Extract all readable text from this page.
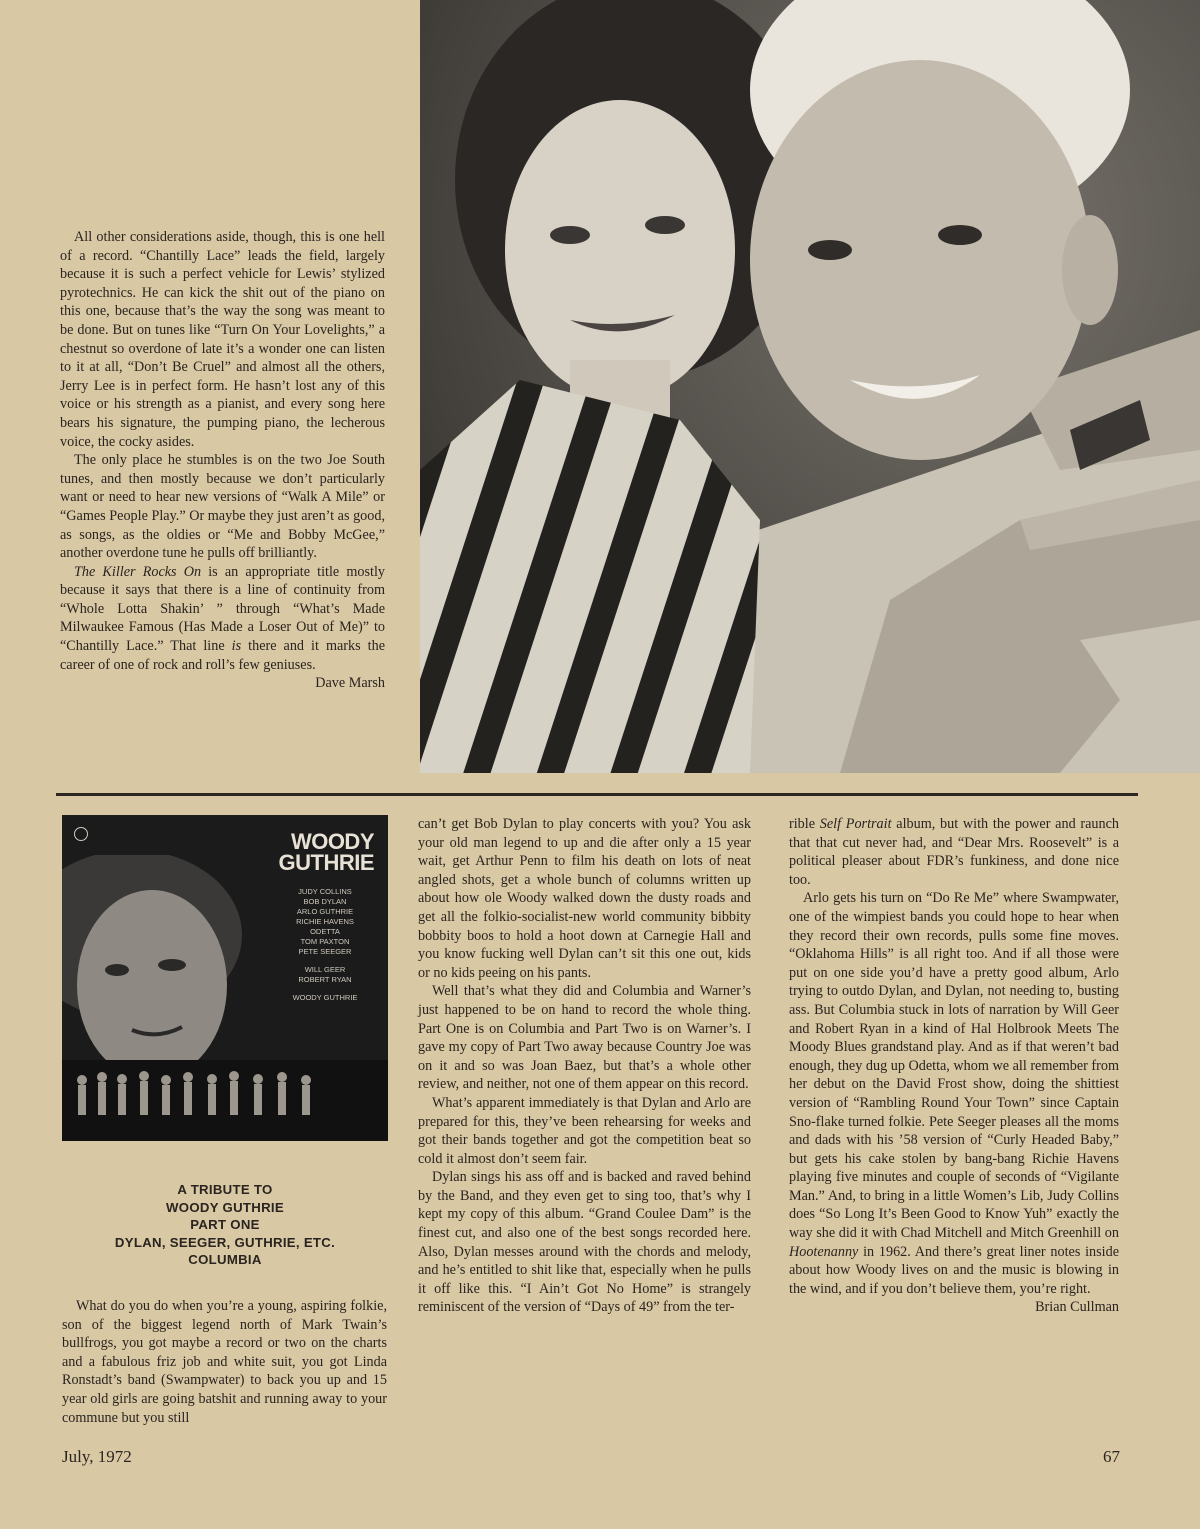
All other considerations aside, though, this is one hell of a record. “Chantilly Lace” leads the field, largely because it is such a perfect vehicle for Lewis’ stylized pyrotechnics. He can kick the shit out of the piano on this one, because that’s the way the song was meant to be done. But on tunes like “Turn On Your Lovelights,” a chestnut so overdone of late it’s a wonder one can listen to it at all, “Don’t Be Cruel” and almost all the others, Jerry Lee is in perfect form. He hasn’t lost any of this voice or his strength as a pianist, and every song here bears his signature, the pumping piano, the lecherous voice, the cocky asides.

The only place he stumbles is on the two Joe South tunes, and then mostly because we don’t particularly want or need to hear new versions of “Walk A Mile” or “Games People Play.” Or maybe they just aren’t as good, as songs, as the oldies or “Me and Bobby McGee,” another overdone tune he pulls off brilliantly.

The Killer Rocks On is an appropriate title mostly because it says that there is a line of continuity from “Whole Lotta Shakin’ ” through “What’s Made Milwaukee Famous (Has Made a Loser Out of Me)” to “Chantilly Lace.” That line is there and it marks the career of one of rock and roll’s few geniuses.

Dave Marsh

WOODY
GUTHRIE
JUDY COLLINS
BOB DYLAN
ARLO GUTHRIE
RICHIE HAVENS
ODETTA
TOM PAXTON
PETE SEEGER
WILL GEER
ROBERT RYAN
WOODY GUTHRIE
A TRIBUTE TO
WOODY GUTHRIE
PART ONE
DYLAN, SEEGER, GUTHRIE, ETC.
COLUMBIA

What do you do when you’re a young, aspiring folkie, son of the biggest legend north of Mark Twain’s bullfrogs, you got maybe a record or two on the charts and a fabulous friz job and white suit, you got Linda Ronstadt’s band (Swampwater) to back you up and 15 year old girls are going batshit and running away to your commune but you still

can’t get Bob Dylan to play concerts with you? You ask your old man legend to up and die after only a 15 year wait, get Arthur Penn to film his death on lots of neat angled shots, get a whole bunch of columns written up about how ole Woody walked down the dusty roads and get all the folkio-socialist-new world community bibbity bobbity boos to hold a hoot down at Carnegie Hall and you know fucking well Dylan can’t sit this one out, kids or no kids peeing on his pants.

Well that’s what they did and Columbia and Warner’s just happened to be on hand to record the whole thing. Part One is on Columbia and Part Two is on Warner’s. I gave my copy of Part Two away because Country Joe was on it and so was Joan Baez, but that’s a whole other review, and neither, not one of them appear on this record.

What’s apparent immediately is that Dylan and Arlo are prepared for this, they’ve been rehearsing for weeks and got their bands together and got the competition beat so cold it almost don’t seem fair.

Dylan sings his ass off and is backed and raved behind by the Band, and they even get to sing too, that’s why I kept my copy of this album. “Grand Coulee Dam” is the finest cut, and also one of the best songs recorded here. Also, Dylan messes around with the chords and melody, and he’s entitled to shit like that, especially when he pulls it off like this. “I Ain’t Got No Home” is strangely reminiscent of the version of “Days of 49” from the ter-

rible Self Portrait album, but with the power and raunch that that cut never had, and “Dear Mrs. Roosevelt” is a political pleaser about FDR’s funkiness, and done nice too.

Arlo gets his turn on “Do Re Me” where Swampwater, one of the wimpiest bands you could hope to hear when they record their own records, pulls some fine moves. “Oklahoma Hills” is all right too. And if all those were put on one side you’d have a pretty good album, Arlo trying to outdo Dylan, and Dylan, not needing to, busting ass. But Columbia stuck in lots of narration by Will Geer and Robert Ryan in a kind of Hal Holbrook Meets The Moody Blues grandstand play. And as if that weren’t bad enough, they dug up Odetta, whom we all remember from her debut on the David Frost show, doing the shittiest version of “Rambling Round Your Town” since Captain Sno-flake turned folkie. Pete Seeger pleases all the moms and dads with his ’58 version of “Curly Headed Baby,” but gets his cake stolen by bang-bang Richie Havens playing five minutes and couple of seconds of “Vigilante Man.” And, to bring in a little Women’s Lib, Judy Collins does “So Long It’s Been Good to Know Yuh” exactly the way she did it with Chad Mitchell and Mitch Greenhill on Hootenanny in 1962. And there’s great liner notes inside about how Woody lives on and the music is blowing in the wind, and if you don’t believe them, you’re right.

Brian Cullman

July, 1972	67
